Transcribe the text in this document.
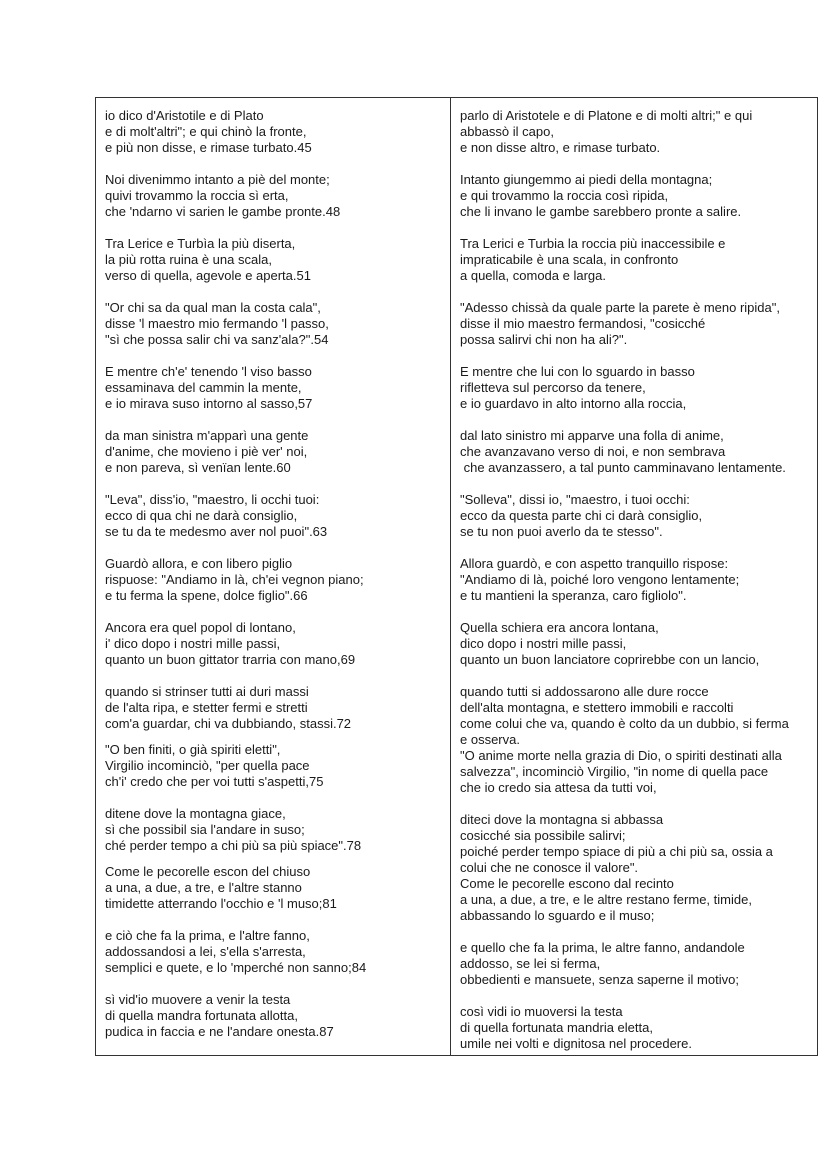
io dico d'Aristotile e di Plato
e di molt'altri"; e qui chinò la fronte,
e più non disse, e rimase turbato.45
Noi divenimmo intanto a piè del monte;
quivi trovammo la roccia sì erta,
che 'ndarno vi sarien le gambe pronte.48
Tra Lerice e Turbìa la più diserta,
la più rotta ruina è una scala,
verso di quella, agevole e aperta.51
"Or chi sa da qual man la costa cala",
disse 'l maestro mio fermando 'l passo,
"sì che possa salir chi va sanz'ala?".54
E mentre ch'e' tenendo 'l viso basso
essaminava del cammin la mente,
e io mirava suso intorno al sasso,57
da man sinistra m'apparì una gente
d'anime, che movieno i piè ver' noi,
e non pareva, sì venïan lente.60
"Leva", diss'io, "maestro, li occhi tuoi:
ecco di qua chi ne darà consiglio,
se tu da te medesmo aver nol puoi".63
Guardò allora, e con libero piglio
rispuose: "Andiamo in là, ch'ei vegnon piano;
e tu ferma la spene, dolce figlio".66
Ancora era quel popol di lontano,
i' dico dopo i nostri mille passi,
quanto un buon gittator trarria con mano,69
quando si strinser tutti ai duri massi
de l'alta ripa, e stetter fermi e stretti
com'a guardar, chi va dubbiando, stassi.72
"O ben finiti, o già spiriti eletti",
Virgilio incominciò, "per quella pace
ch'i' credo che per voi tutti s'aspetti,75
ditene dove la montagna giace,
sì che possibil sia l'andare in suso;
ché perder tempo a chi più sa più spiace".78
Come le pecorelle escon del chiuso
a una, a due, a tre, e l'altre stanno
timidette atterrando l'occhio e 'l muso;81
e ciò che fa la prima, e l'altre fanno,
addossandosi a lei, s'ella s'arresta,
semplici e quete, e lo 'mperché non sanno;84
sì vid'io muovere a venir la testa
di quella mandra fortunata allotta,
pudica in faccia e ne l'andare onesta.87
parlo di Aristotele e di Platone e di molti altri;" e qui
abbassò il capo,
e non disse altro, e rimase turbato.
Intanto giungemmo ai piedi della montagna;
e qui trovammo la roccia così ripida,
che li invano le gambe sarebbero pronte a salire.
Tra Lerici e Turbia la roccia più inaccessibile e
impraticabile è una scala, in confronto
a quella, comoda e larga.
"Adesso chissà da quale parte la parete è meno ripida",
disse il mio maestro fermandosi, "cosicché
possa salirvi chi non ha ali?".
E mentre che lui con lo sguardo in basso
rifletteva sul percorso da tenere,
e io guardavo in alto intorno alla roccia,
dal lato sinistro mi apparve una folla di anime,
che avanzavano verso di noi, e non sembrava
che avanzassero, a tal punto camminavano lentamente.
"Solleva", dissi io, "maestro, i tuoi occhi:
ecco da questa parte chi ci darà consiglio,
se tu non puoi averlo da te stesso".
Allora guardò, e con aspetto tranquillo rispose:
"Andiamo di là, poiché loro vengono lentamente;
e tu mantieni la speranza, caro figliolo".
Quella schiera era ancora lontana,
dico dopo i nostri mille passi,
quanto un buon lanciatore coprirebbe con un lancio,
quando tutti si addossarono alle dure rocce
dell'alta montagna, e stettero immobili e raccolti
come colui che va, quando è colto da un dubbio, si ferma
e osserva.
"O anime morte nella grazia di Dio, o spiriti destinati alla
salvezza", incominciò Virgilio, "in nome di quella pace
che io credo sia attesa da tutti voi,
diteci dove la montagna si abbassa
cosicché sia possibile salirvi;
poiché perder tempo spiace di più a chi più sa, ossia a
colui che ne conosce il valore".
Come le pecorelle escono dal recinto
a una, a due, a tre, e le altre restano ferme, timide,
abbassando lo sguardo e il muso;
e quello che fa la prima, le altre fanno, andandole
addosso, se lei si ferma,
obbedienti e mansuete, senza saperne il motivo;
così vidi io muoversi la testa
di quella fortunata mandria eletta,
umile nei volti e dignitosa nel procedere.
